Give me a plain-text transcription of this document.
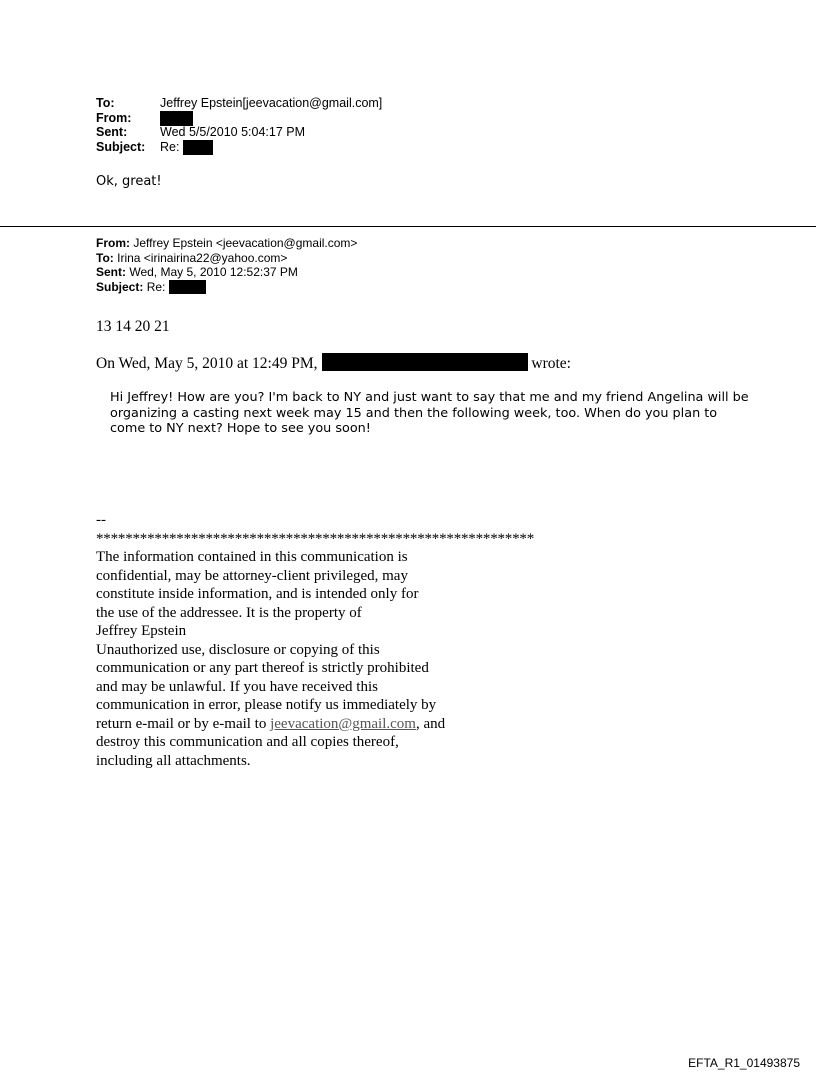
To:	Jeffrey Epstein[jeevacation@gmail.com]
From:
Sent:	Wed 5/5/2010 5:04:17 PM
Subject: Re:
Ok, great!
From: Jeffrey Epstein <jeevacation@gmail.com>
To: Irina <irinairina22@yahoo.com>
Sent: Wed, May 5, 2010 12:52:37 PM
Subject: Re:
13 14 20 21
On Wed, May 5, 2010 at 12:49 PM,	wrote:
Hi Jeffrey! How are you? I'm back to NY and just want to say that me and my friend Angelina will be organizing a casting next week may 15 and then the following week, too. When do you plan to come to NY next? Hope to see you soon!
--
************************************************************
The information contained in this communication is
confidential, may be attorney-client privileged, may
constitute inside information, and is intended only for
the use of the addressee. It is the property of
Jeffrey Epstein
Unauthorized use, disclosure or copying of this
communication or any part thereof is strictly prohibited
and may be unlawful. If you have received this
communication in error, please notify us immediately by
return e-mail or by e-mail to jeevacation@gmail.com, and
destroy this communication and all copies thereof,
including all attachments.
EFTA_R1_01493875
